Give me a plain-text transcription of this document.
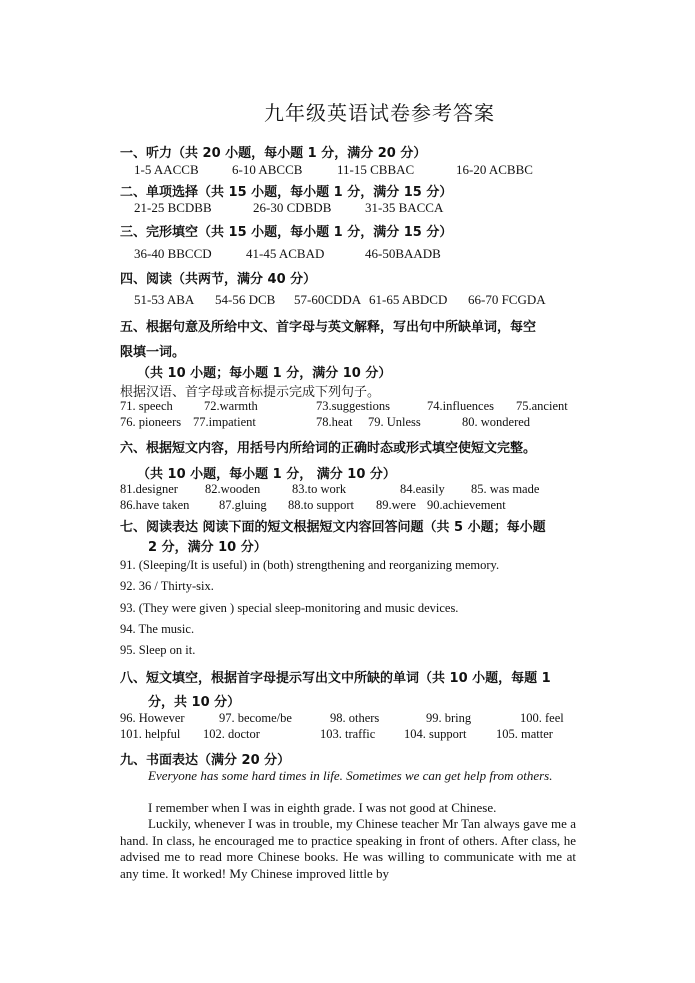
九年级英语试卷参考答案
一、听力（共 20 小题，每小题 1 分，满分 20 分）
1-5 AACCB	6-10 ABCCB	11-15 CBBAC	16-20 ACBBC
二、单项选择（共 15 小题，每小题 1 分，满分 15 分）
21-25 BCDBB	26-30 CDBDB	31-35 BACCA
三、完形填空（共 15 小题，每小题 1 分，满分 15 分）
36-40 BBCCD	41-45 ACBAD	46-50BAADB
四、阅读（共两节，满分 40 分）
51-53 ABA 54-56 DCB 57-60CDDA 61-65 ABDCD 66-70 FCGDA
五、根据句意及所给中文、首字母与英文解释，写出句中所缺单词，每空
限填一词。
（共 10 小题；每小题 1 分，满分 10 分）
根据汉语、首字母或音标提示完成下列句子。
71. speech 72.warmth	73.suggestions	74.influences 75.ancient
76. pioneers 77.impatient	78.heat 79. Unless	80. wondered
六、根据短文内容，用括号内所给词的正确时态或形式填空使短文完整。
（共 10 小题，每小题 1 分， 满分 10 分）
81.designer 82.wooden	83.to work	84.easily 85. was made
86.have taken 87.gluing 88.to support 89.were 90.achievement
七、阅读表达 阅读下面的短文根据短文内容回答问题（共 5 小题；每小题
2 分，满分 10 分）
91. (Sleeping/It is useful) in (both) strengthening and reorganizing memory.
92. 36 / Thirty-six.
93. (They were given ) special sleep-monitoring and music devices.
94. The music.
95. Sleep on it.
八、短文填空，根据首字母提示写出文中所缺的单词（共 10 小题，每题 1
分，共 10 分）
96. However	97. become/be	98. others	99. bring	100. feel
101. helpful 102. doctor	103. traffic 104. support 105. matter
九、书面表达（满分 20 分）
Everyone has some hard times in life. Sometimes we can get help from others.
I remember when I was in eighth grade. I was not good at Chinese.
Luckily, whenever I was in trouble, my Chinese teacher Mr Tan always gave me a hand. In class, he encouraged me to practice speaking in front of others. After class, he advised me to read more Chinese books. He was willing to communicate with me at any time. It worked! My Chinese improved little by
